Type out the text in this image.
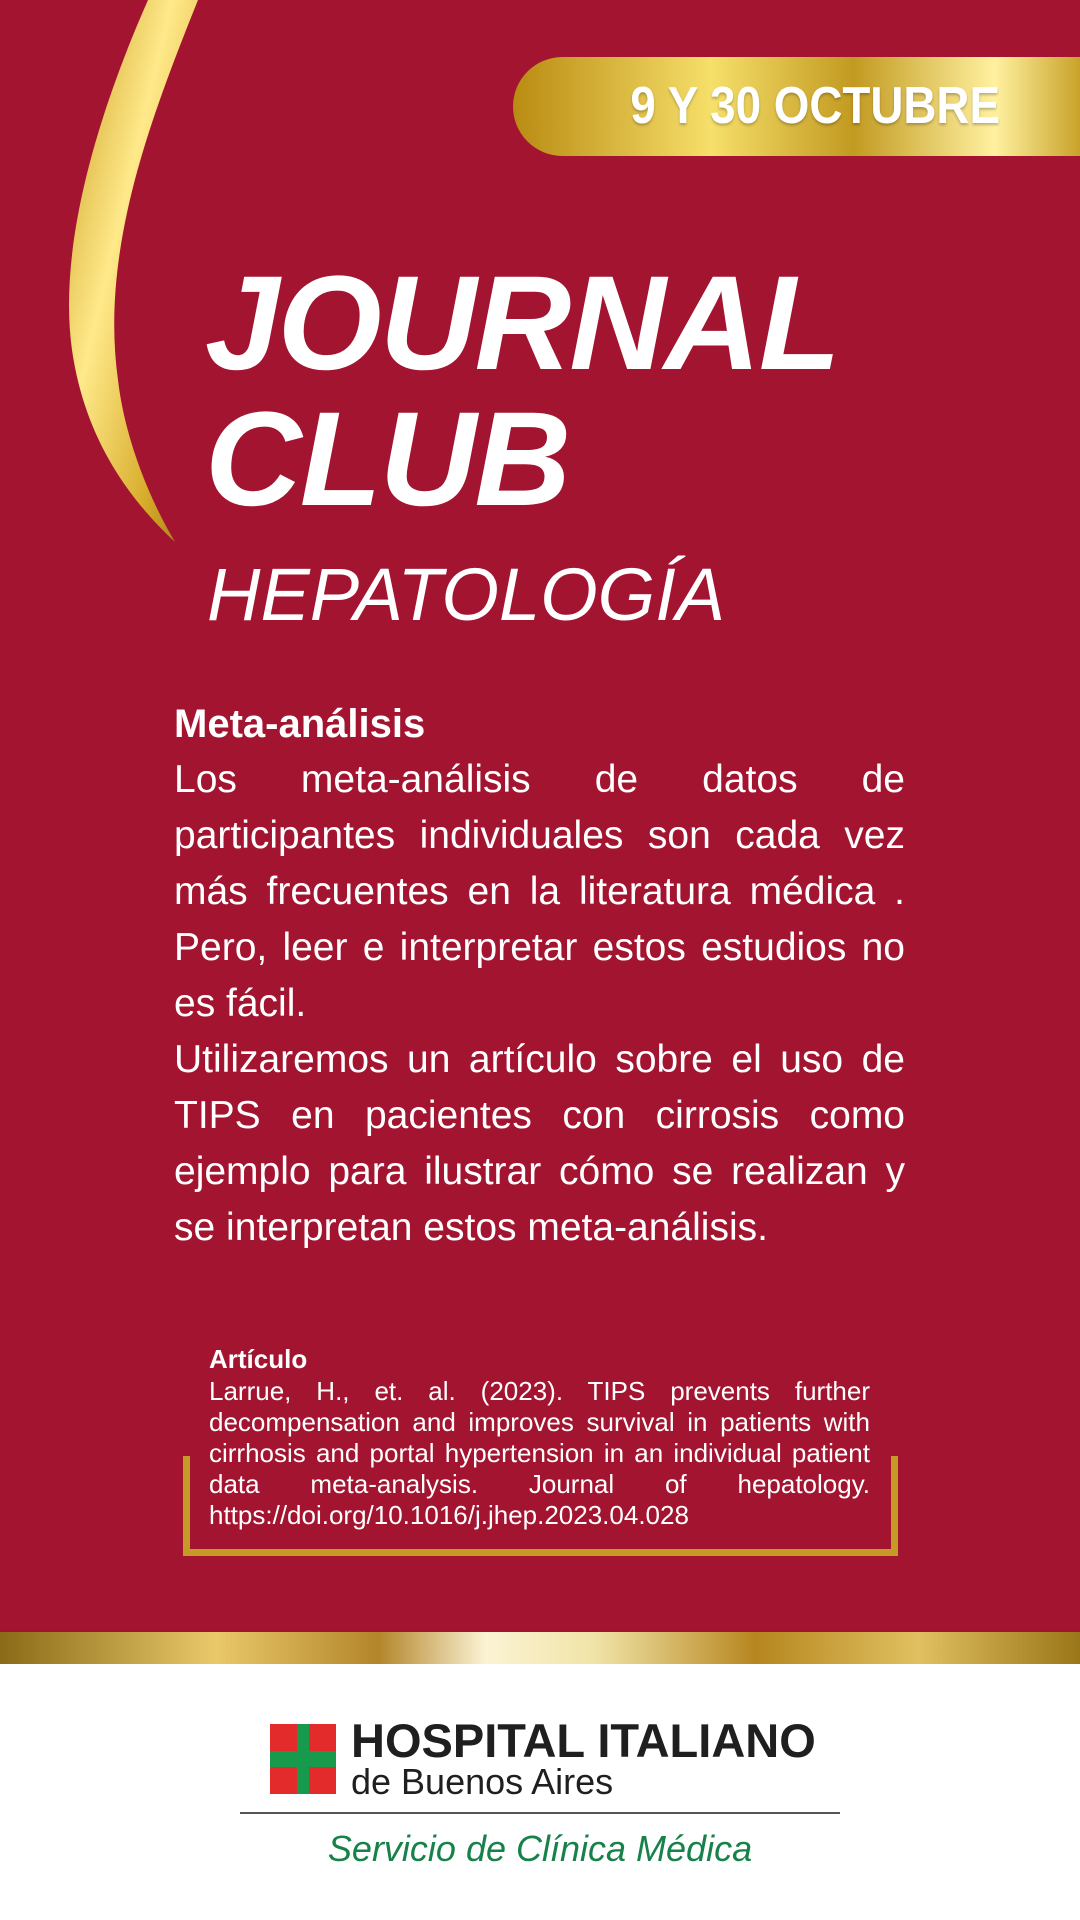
9 Y 30 OCTUBRE
JOURNAL
CLUB
HEPATOLOGÍA
Meta-análisis

Los meta-análisis de datos de participantes individuales son cada vez más frecuentes en la literatura médica . Pero, leer e interpretar estos estudios no es fácil.

Utilizaremos un artículo sobre el uso de TIPS en pacientes con cirrosis como ejemplo para ilustrar cómo se realizan y se interpretan estos meta-análisis.

Artículo
Larrue, H., et. al. (2023). TIPS prevents further decompensation and improves survival in patients with cirrhosis and portal hypertension in an individual patient data meta-analysis. Journal of hepatology. https://doi.org/10.1016/j.jhep.2023.04.028
HOSPITAL ITALIANO
de Buenos Aires
Servicio de Clínica Médica
